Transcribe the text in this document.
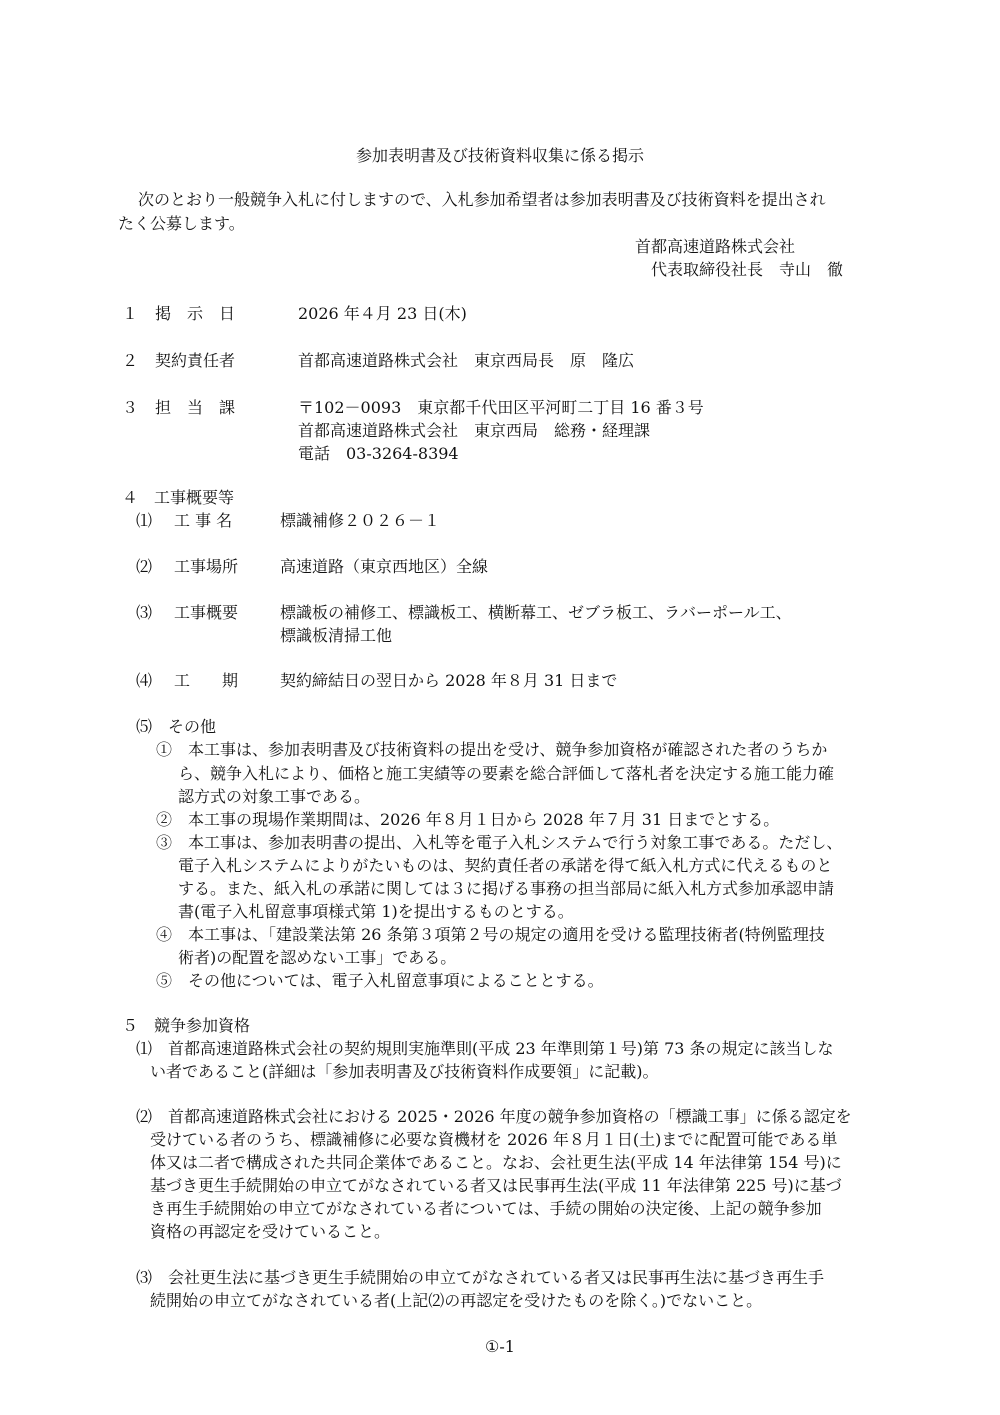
参加表明書及び技術資料収集に係る掲示
次のとおり一般競争入札に付しますので、入札参加希望者は参加表明書及び技術資料を提出され
たく公募します。
首都高速道路株式会社
代表取締役社長　寺山　徹
１ 掲　示　日	2026 年４月 23 日(木)
２ 契約責任者	首都高速道路株式会社　東京西局長　原　隆広
３ 担　当　課	〒102－0093　東京都千代田区平河町二丁目 16 番３号
首都高速道路株式会社　東京西局　総務・経理課
電話　03-3264-8394
４　工事概要等
⑴ 工 事 名	標識補修２０２６－１
⑵ 工事場所	高速道路（東京西地区）全線
⑶ 工事概要	標識板の補修工、標識板工、横断幕工、ゼブラ板工、ラバーポール工、
標識板清掃工他
⑷ 工　　期	契約締結日の翌日から 2028 年８月 31 日まで
⑸　その他
①　本工事は、参加表明書及び技術資料の提出を受け、競争参加資格が確認された者のうちか
ら、競争入札により、価格と施工実績等の要素を総合評価して落札者を決定する施工能力確
認方式の対象工事である。
②　本工事の現場作業期間は、2026 年８月１日から 2028 年７月 31 日までとする。
③　本工事は、参加表明書の提出、入札等を電子入札システムで行う対象工事である。ただし、
電子入札システムによりがたいものは、契約責任者の承諾を得て紙入札方式に代えるものと
する。また、紙入札の承諾に関しては３に掲げる事務の担当部局に紙入札方式参加承認申請
書(電子入札留意事項様式第 1)を提出するものとする。
④　本工事は、「建設業法第 26 条第３項第２号の規定の適用を受ける監理技術者(特例監理技
術者)の配置を認めない工事」である。
⑤　その他については、電子入札留意事項によることとする。
５　競争参加資格
⑴　首都高速道路株式会社の契約規則実施準則(平成 23 年準則第１号)第 73 条の規定に該当しな
い者であること(詳細は「参加表明書及び技術資料作成要領」に記載)。
⑵　首都高速道路株式会社における 2025・2026 年度の競争参加資格の「標識工事」に係る認定を
受けている者のうち、標識補修に必要な資機材を 2026 年８月１日(土)までに配置可能である単
体又は二者で構成された共同企業体であること。なお、会社更生法(平成 14 年法律第 154 号)に
基づき更生手続開始の申立てがなされている者又は民事再生法(平成 11 年法律第 225 号)に基づ
き再生手続開始の申立てがなされている者については、手続の開始の決定後、上記の競争参加
資格の再認定を受けていること。
⑶　会社更生法に基づき更生手続開始の申立てがなされている者又は民事再生法に基づき再生手
続開始の申立てがなされている者(上記⑵の再認定を受けたものを除く。)でないこと。
①-1
